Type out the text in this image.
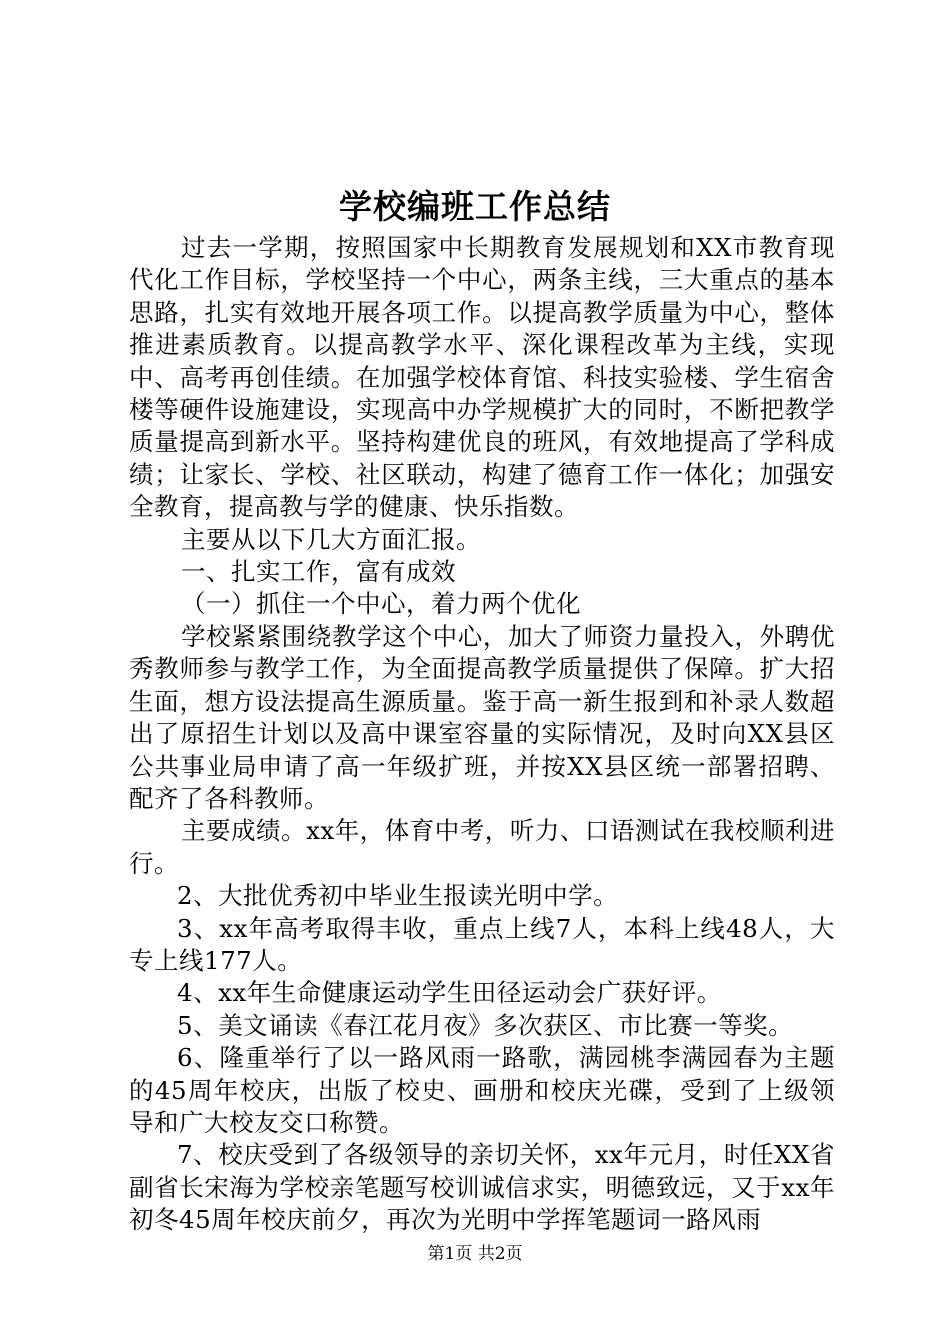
学校编班工作总结

过去一学期，按照国家中长期教育发展规划和XX市教育现代化工作目标，学校坚持一个中心，两条主线，三大重点的基本思路，扎实有效地开展各项工作。以提高教学质量为中心，整体推进素质教育。以提高教学水平、深化课程改革为主线，实现中、高考再创佳绩。在加强学校体育馆、科技实验楼、学生宿舍楼等硬件设施建设，实现高中办学规模扩大的同时，不断把教学质量提高到新水平。坚持构建优良的班风，有效地提高了学科成绩；让家长、学校、社区联动，构建了德育工作一体化；加强安全教育，提高教与学的健康、快乐指数。

主要从以下几大方面汇报。

一、扎实工作，富有成效

（一）抓住一个中心，着力两个优化

学校紧紧围绕教学这个中心，加大了师资力量投入，外聘优秀教师参与教学工作，为全面提高教学质量提供了保障。扩大招生面，想方设法提高生源质量。鉴于高一新生报到和补录人数超出了原招生计划以及高中课室容量的实际情况，及时向XX县区公共事业局申请了高一年级扩班，并按XX县区统一部署招聘、配齐了各科教师。

主要成绩。xx年，体育中考，听力、口语测试在我校顺利进行。

2、大批优秀初中毕业生报读光明中学。

3、xx年高考取得丰收，重点上线7人，本科上线48人，大专上线177人。

4、xx年生命健康运动学生田径运动会广获好评。

5、美文诵读《春江花月夜》多次获区、市比赛一等奖。

6、隆重举行了以一路风雨一路歌，满园桃李满园春为主题的45周年校庆，出版了校史、画册和校庆光碟，受到了上级领导和广大校友交口称赞。

7、校庆受到了各级领导的亲切关怀，xx年元月，时任XX省副省长宋海为学校亲笔题写校训诚信求实，明德致远，又于xx年初冬45周年校庆前夕，再次为光明中学挥笔题词一路风雨

第1页 共2页
